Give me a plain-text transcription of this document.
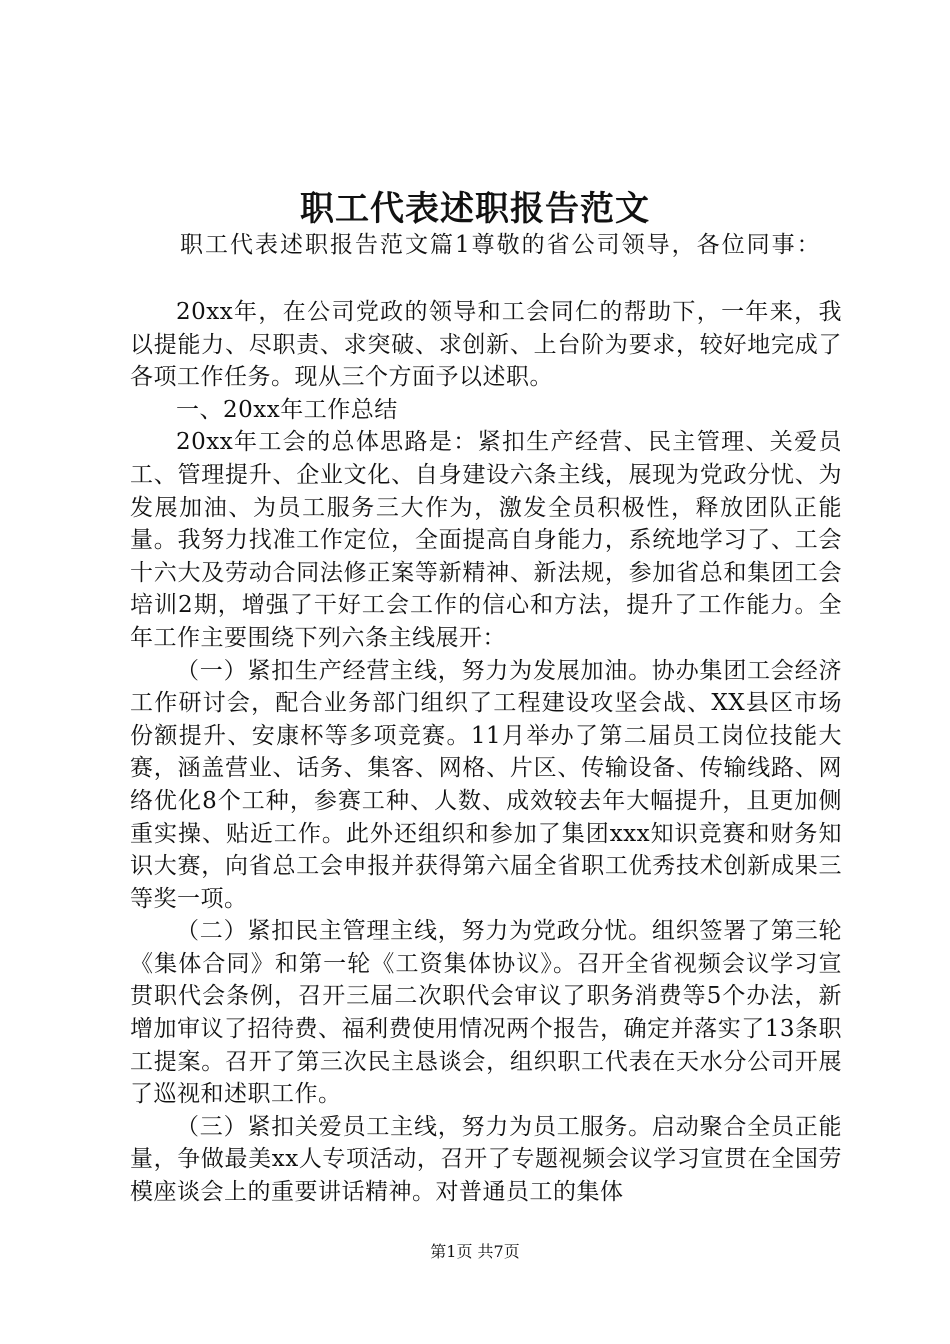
职工代表述职报告范文
职工代表述职报告范文篇1尊敬的省公司领导，各位同事：

20xx年，在公司党政的领导和工会同仁的帮助下，一年来，我以提能力、尽职责、求突破、求创新、上台阶为要求，较好地完成了各项工作任务。现从三个方面予以述职。

一、20xx年工作总结

20xx年工会的总体思路是：紧扣生产经营、民主管理、关爱员工、管理提升、企业文化、自身建设六条主线，展现为党政分忧、为发展加油、为员工服务三大作为，激发全员积极性，释放团队正能量。我努力找准工作定位，全面提高自身能力，系统地学习了、工会十六大及劳动合同法修正案等新精神、新法规，参加省总和集团工会培训2期，增强了干好工会工作的信心和方法，提升了工作能力。全年工作主要围绕下列六条主线展开：

（一）紧扣生产经营主线，努力为发展加油。协办集团工会经济工作研讨会，配合业务部门组织了工程建设攻坚会战、XX县区市场份额提升、安康杯等多项竞赛。11月举办了第二届员工岗位技能大赛，涵盖营业、话务、集客、网格、片区、传输设备、传输线路、网络优化8个工种，参赛工种、人数、成效较去年大幅提升，且更加侧重实操、贴近工作。此外还组织和参加了集团xxx知识竞赛和财务知识大赛，向省总工会申报并获得第六届全省职工优秀技术创新成果三等奖一项。

（二）紧扣民主管理主线，努力为党政分忧。组织签署了第三轮《集体合同》和第一轮《工资集体协议》。召开全省视频会议学习宣贯职代会条例，召开三届二次职代会审议了职务消费等5个办法，新增加审议了招待费、福利费使用情况两个报告，确定并落实了13条职工提案。召开了第三次民主恳谈会，组织职工代表在天水分公司开展了巡视和述职工作。

（三）紧扣关爱员工主线，努力为员工服务。启动聚合全员正能量，争做最美xx人专项活动，召开了专题视频会议学习宣贯在全国劳模座谈会上的重要讲话精神。对普通员工的集体

第1页 共7页
